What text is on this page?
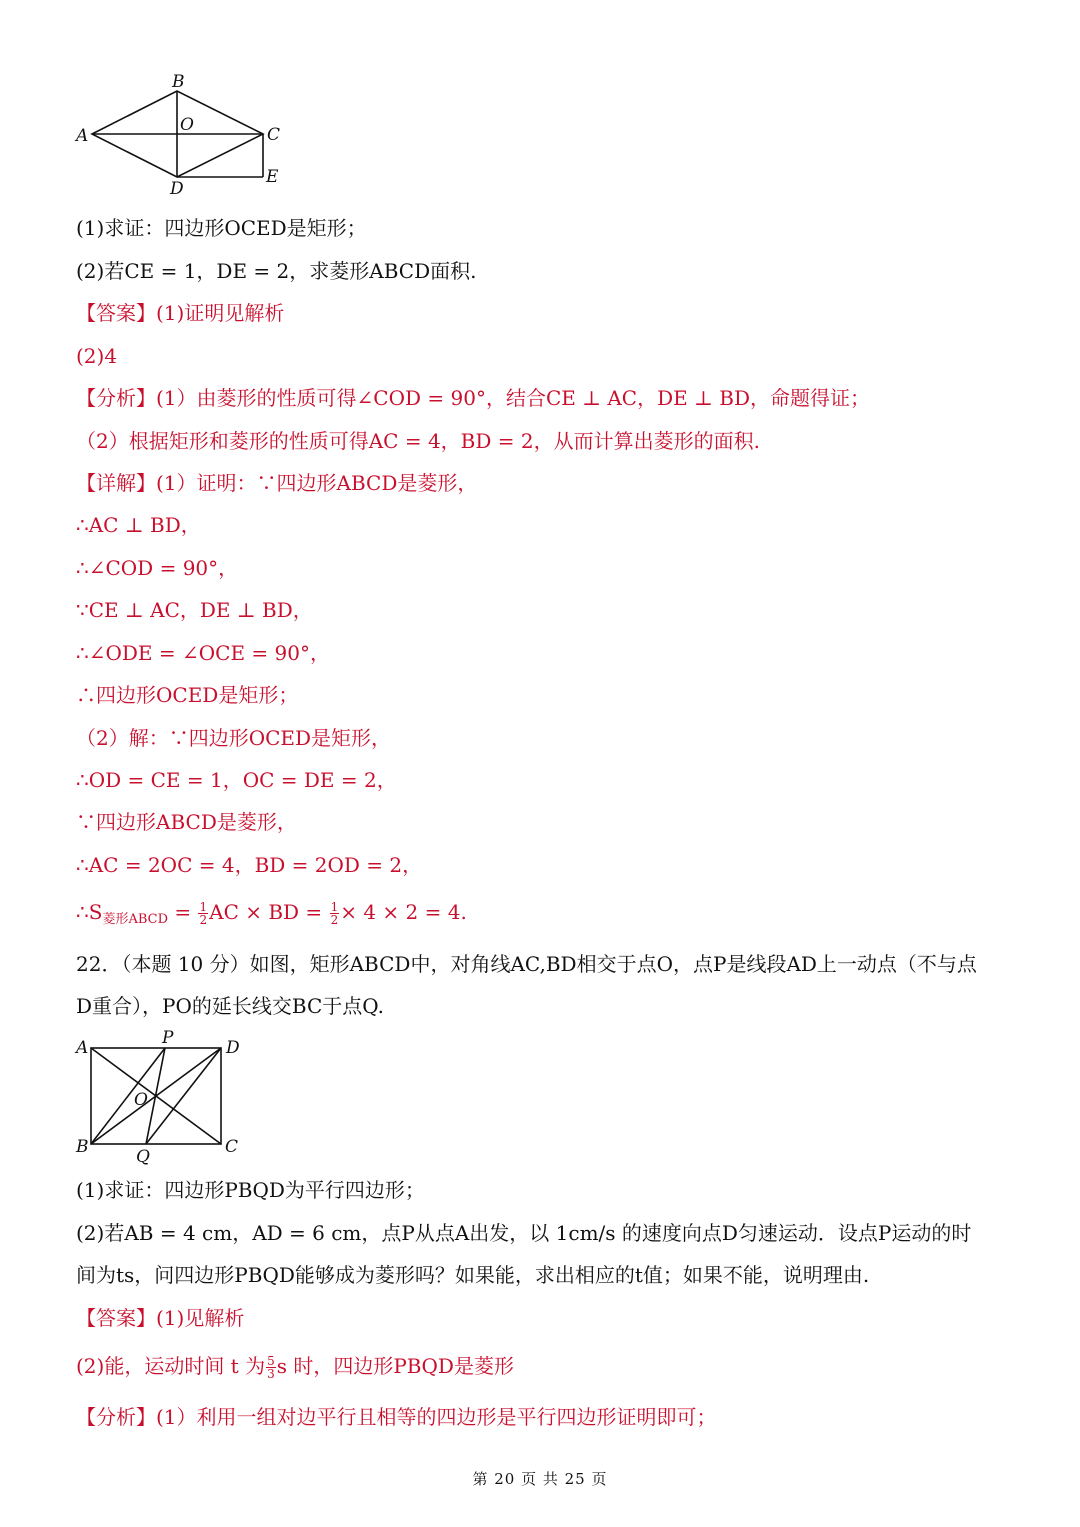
A
B
O	C
D
E
(1)求证：四边形OCED是矩形；
(2)若CE = 1，DE = 2，求菱形ABCD面积.
【答案】(1)证明见解析
(2)4
【分析】(1）由菱形的性质可得∠COD = 90°，结合CE ⊥ AC，DE ⊥ BD，命题得证；
（2）根据矩形和菱形的性质可得AC = 4，BD = 2，从而计算出菱形的面积.
【详解】(1）证明：∵四边形ABCD是菱形，
∴AC ⊥ BD，
∴∠COD = 90°，
∵CE ⊥ AC，DE ⊥ BD，
∴∠ODE = ∠OCE = 90°，
∴四边形OCED是矩形；
（2）解：∵四边形OCED是矩形，
∴OD = CE = 1，OC = DE = 2，
∵四边形ABCD是菱形，
∴AC = 2OC = 4，BD = 2OD = 2，
$\therefore S_{菱形ABCD} = \frac{1}{2}$ AC × BD = $\frac{1}{2} \times 4 \times 2 = 4$.
22．（本题 10 分）如图，矩形ABCD中，对角线AC,BD相交于点O，点P是线段AD上一动点（不与点
D重合），PO的延长线交BC于点Q.
A	P	D
O
B	Q	C
(1)求证：四边形PBQD为平行四边形；
(2)若AB = 4 cm，AD = 6 cm，点P从点A出发，以 1cm/s 的速度向点D匀速运动．设点P运动的时
间为ts，问四边形PBQD能够成为菱形吗？如果能，求出相应的t值；如果不能，说明理由.
【答案】(1)见解析
(2)能，运动时间 t 为 $\frac{5}{3}$ s 时，四边形PBQD是菱形
【分析】(1）利用一组对边平行且相等的四边形是平行四边形证明即可；
第 20 页 共 25 页
